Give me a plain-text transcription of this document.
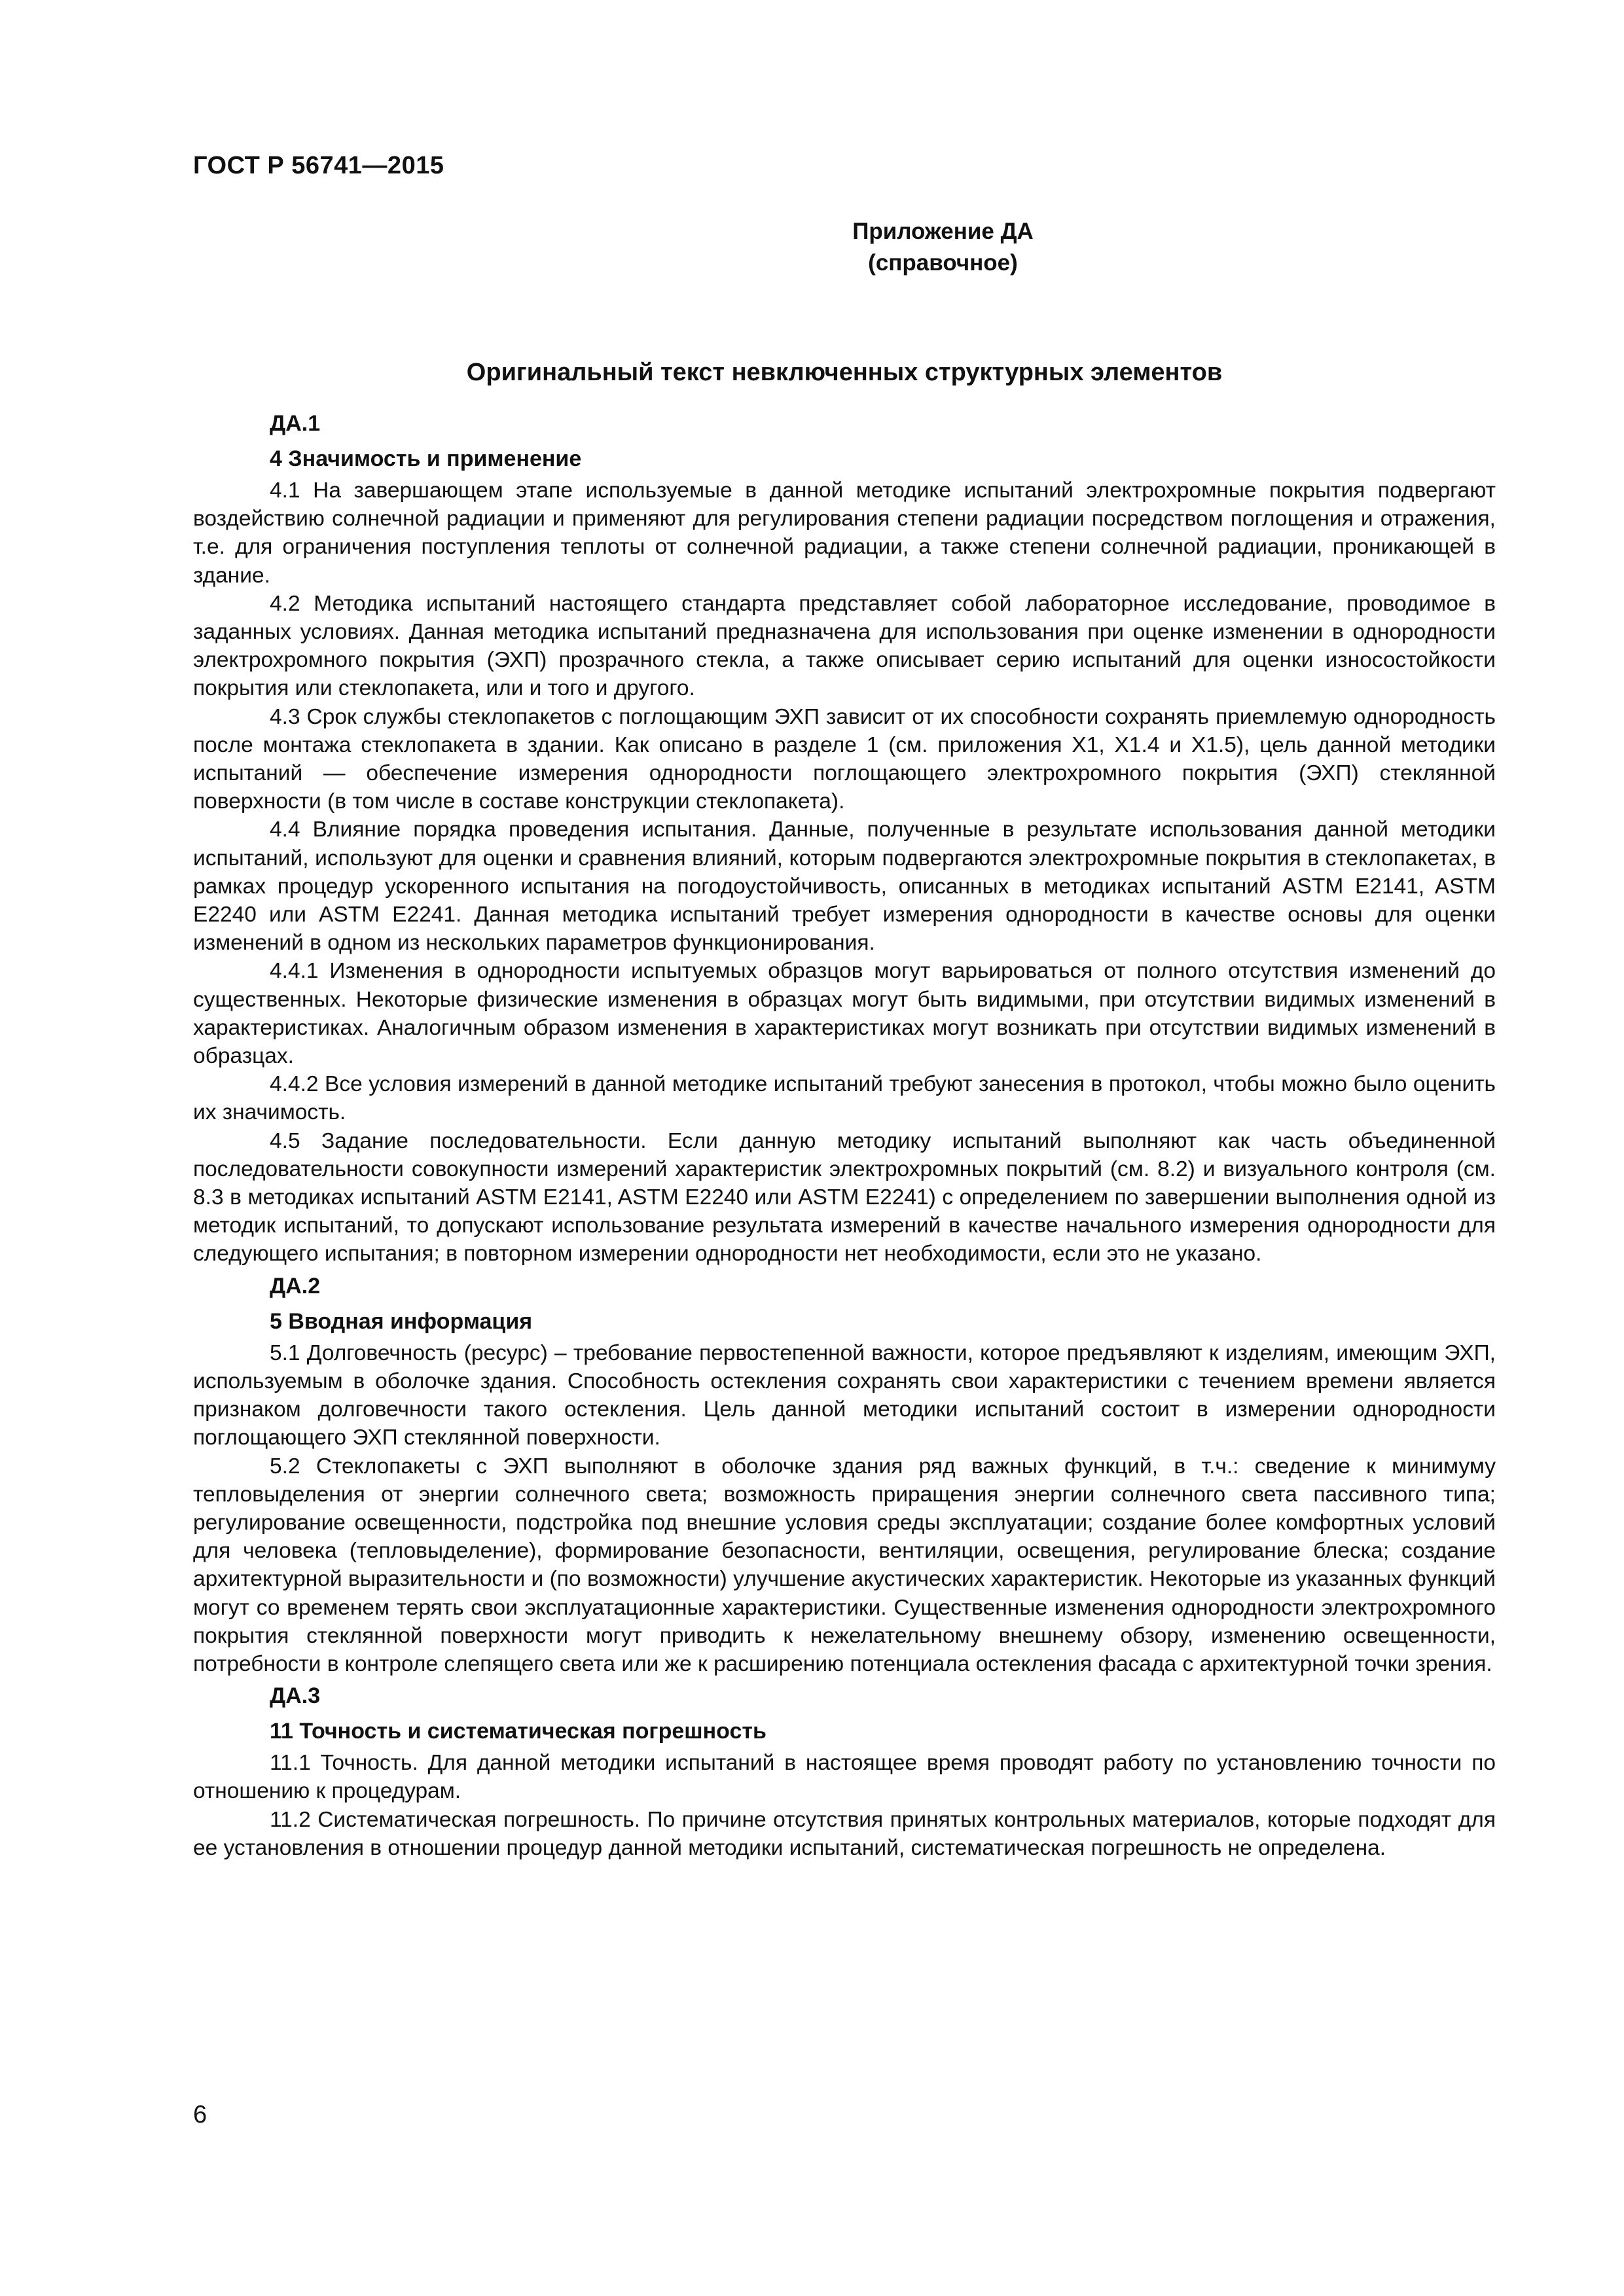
ГОСТ Р 56741—2015
Приложение ДА
(справочное)
Оригинальный текст невключенных структурных элементов
ДА.1
4 Значимость и применение

4.1 На завершающем этапе используемые в данной методике испытаний электрохромные покрытия подвергают воздействию солнечной радиации и применяют для регулирования степени радиации посредством поглощения и отражения, т.е. для ограничения поступления теплоты от солнечной радиации, а также степени солнечной радиации, проникающей в здание.

4.2 Методика испытаний настоящего стандарта представляет собой лабораторное исследование, проводимое в заданных условиях. Данная методика испытаний предназначена для использования при оценке изменении в однородности электрохромного покрытия (ЭХП) прозрачного стекла, а также описывает серию испытаний для оценки износостойкости покрытия или стеклопакета, или и того и другого.

4.3 Срок службы стеклопакетов с поглощающим ЭХП зависит от их способности сохранять приемлемую однородность после монтажа стеклопакета в здании. Как описано в разделе 1 (см. приложения X1, X1.4 и X1.5), цель данной методики испытаний — обеспечение измерения однородности поглощающего электрохромного покрытия (ЭХП) стеклянной поверхности (в том числе в составе конструкции стеклопакета).

4.4 Влияние порядка проведения испытания. Данные, полученные в результате использования данной методики испытаний, используют для оценки и сравнения влияний, которым подвергаются электрохромные покрытия в стеклопакетах, в рамках процедур ускоренного испытания на погодоустойчивость, описанных в методиках испытаний ASTM E2141, ASTM E2240 или ASTM E2241. Данная методика испытаний требует измерения однородности в качестве основы для оценки изменений в одном из нескольких параметров функционирования.

4.4.1 Изменения в однородности испытуемых образцов могут варьироваться от полного отсутствия изменений до существенных. Некоторые физические изменения в образцах могут быть видимыми, при отсутствии видимых изменений в характеристиках. Аналогичным образом изменения в характеристиках могут возникать при отсутствии видимых изменений в образцах.

4.4.2 Все условия измерений в данной методике испытаний требуют занесения в протокол, чтобы можно было оценить их значимость.

4.5 Задание последовательности. Если данную методику испытаний выполняют как часть объединенной последовательности совокупности измерений характеристик электрохромных покрытий (см. 8.2) и визуального контроля (см. 8.3 в методиках испытаний ASTM E2141, ASTM E2240 или ASTM E2241) с определением по завершении выполнения одной из методик испытаний, то допускают использование результата измерений в качестве начального измерения однородности для следующего испытания; в повторном измерении однородности нет необходимости, если это не указано.

ДА.2
5 Вводная информация

5.1 Долговечность (ресурс) – требование первостепенной важности, которое предъявляют к изделиям, имеющим ЭХП, используемым в оболочке здания. Способность остекления сохранять свои характеристики с течением времени является признаком долговечности такого остекления. Цель данной методики испытаний состоит в измерении однородности поглощающего ЭХП стеклянной поверхности.

5.2 Стеклопакеты с ЭХП выполняют в оболочке здания ряд важных функций, в т.ч.: сведение к минимуму тепловыделения от энергии солнечного света; возможность приращения энергии солнечного света пассивного типа; регулирование освещенности, подстройка под внешние условия среды эксплуатации; создание более комфортных условий для человека (тепловыделение), формирование безопасности, вентиляции, освещения, регулирование блеска; создание архитектурной выразительности и (по возможности) улучшение акустических характеристик. Некоторые из указанных функций могут со временем терять свои эксплуатационные характеристики. Существенные изменения однородности электрохромного покрытия стеклянной поверхности могут приводить к нежелательному внешнему обзору, изменению освещенности, потребности в контроле слепящего света или же к расширению потенциала остекления фасада с архитектурной точки зрения.

ДА.3
11 Точность и систематическая погрешность

11.1 Точность. Для данной методики испытаний в настоящее время проводят работу по установлению точности по отношению к процедурам.

11.2 Систематическая погрешность. По причине отсутствия принятых контрольных материалов, которые подходят для ее установления в отношении процедур данной методики испытаний, систематическая погрешность не определена.

6
